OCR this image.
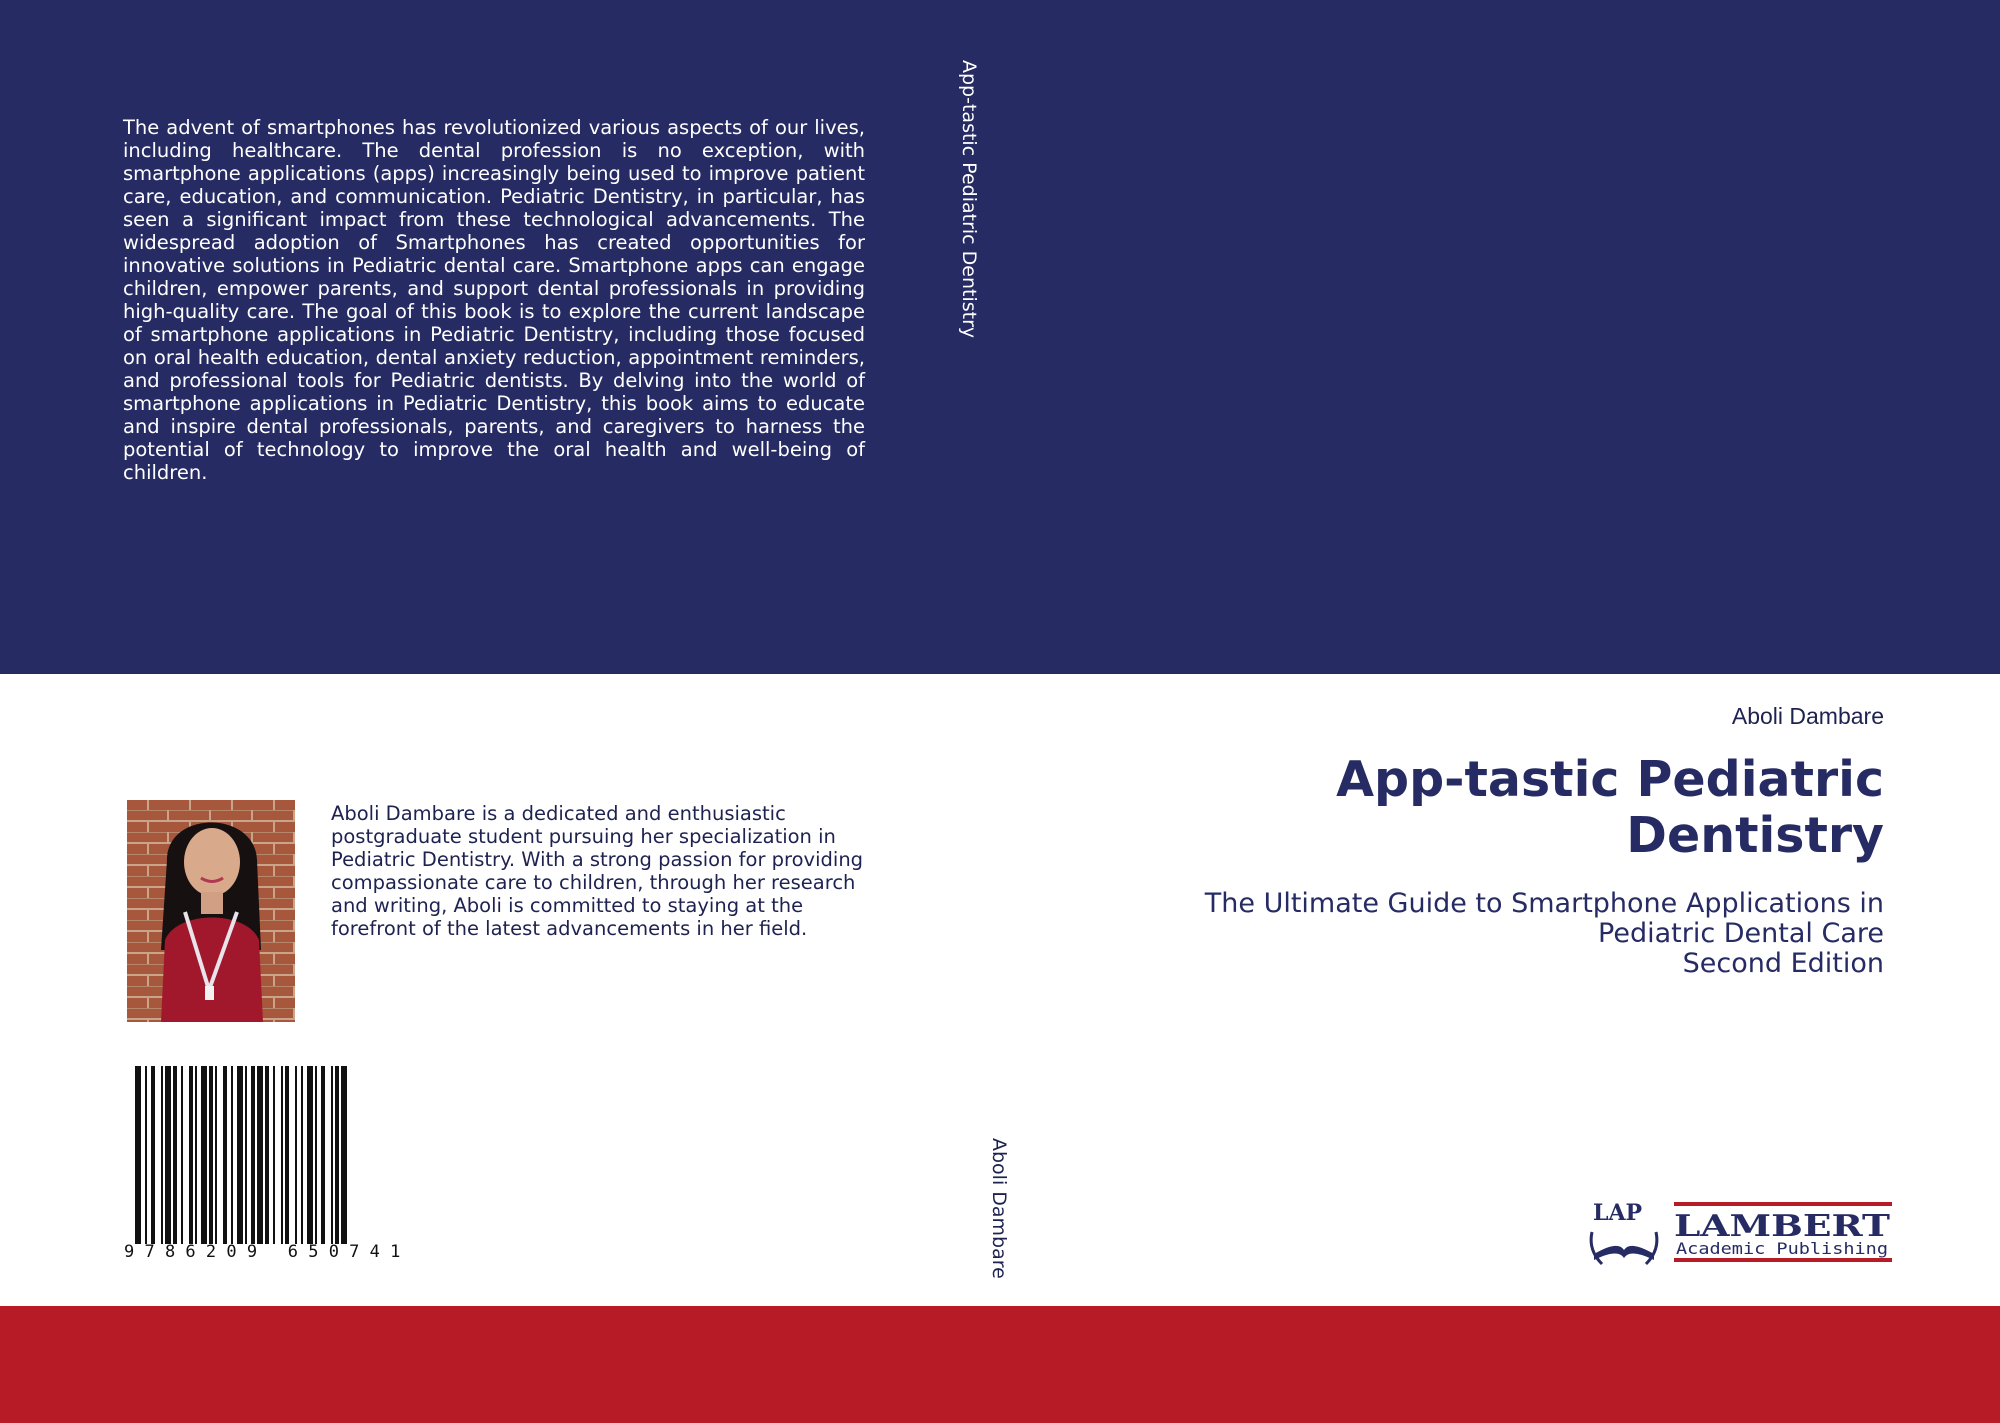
The advent of smartphones has revolutionized various aspects of our lives, including healthcare. The dental profession is no exception, with smartphone applications (apps) increasingly being used to improve patient care, education, and communication. Pediatric Dentistry, in particular, has seen a significant impact from these technological advancements. The widespread adoption of Smartphones has created opportunities for innovative solutions in Pediatric dental care. Smartphone apps can engage children, empower parents, and support dental professionals in providing high-quality care. The goal of this book is to explore the current landscape of smartphone applications in Pediatric Dentistry, including those focused on oral health education, dental anxiety reduction, appointment reminders, and professional tools for Pediatric dentists. By delving into the world of smartphone applications in Pediatric Dentistry, this book aims to educate and inspire dental professionals, parents, and caregivers to harness the potential of technology to improve the oral health and well-being of children.
App-tastic Pediatric Dentistry
Aboli Dambare
Aboli Dambare is a dedicated and enthusiastic postgraduate student pursuing her specialization in Pediatric Dentistry. With a strong passion for providing compassionate care to children, through her research and writing, Aboli is committed to staying at the forefront of the latest advancements in her field.
9 7 8 6 2 0 9   6 5 0 7 4 1
Aboli Dambare
App-tastic Pediatric Dentistry
The Ultimate Guide to Smartphone Applications in
Pediatric Dental Care
Second Edition
LAP LAMBERT
Academic Publishing
